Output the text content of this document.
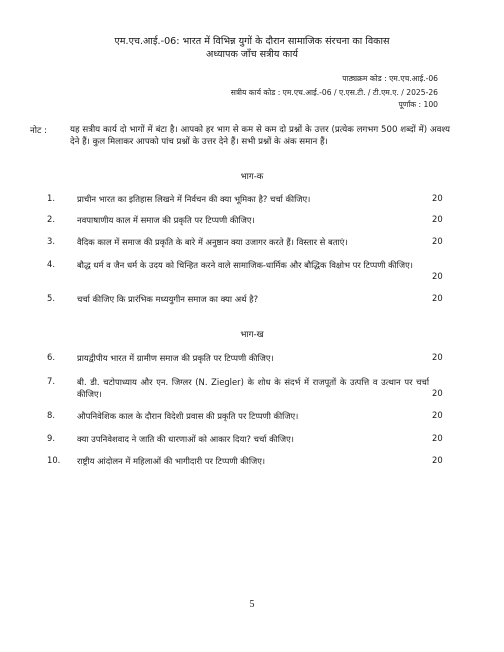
एम.एच.आई.-06: भारत में विभिन्न युगों के दौरान सामाजिक संरचना का विकास
अध्यापक जाँच सत्रीय कार्य
पाठ्यक्रम कोड : एम.एच.आई.-06
सत्रीय कार्य कोड : एम.एच.आई.-06 / ए.एस.टी. / टी.एम.ए. / 2025-26
पूर्णांक : 100
नोट :	यह सत्रीय कार्य दो भागों में बंटा है। आपको हर भाग से कम से कम दो प्रश्नों के उत्तर (प्रत्येक लगभग 500 शब्दों में) अवश्य देने हैं। कुल मिलाकर आपको पांच प्रश्नों के उत्तर देने हैं। सभी प्रश्नों के अंक समान हैं।
भाग-क
1.	प्राचीन भारत का इतिहास लिखने में निर्वचन की क्या भूमिका है? चर्चा कीजिए।	20
2.	नवपाषाणीय काल में समाज की प्रकृति पर टिप्पणी कीजिए।	20
3.	वैदिक काल में समाज की प्रकृति के बारे में अनुष्ठान क्या उजागर करते हैं। विस्तार से बताएं।	20
4.	बौद्ध धर्म व जैन धर्म के उदय को चिन्हित करने वाले सामाजिक-धार्मिक और बौद्धिक विक्षोभ पर टिप्पणी कीजिए।
20
5.	चर्चा कीजिए कि प्रारंभिक मध्ययुगीन समाज का क्या अर्थ है?	20
भाग-ख
6.	प्रायद्वीपीय भारत में ग्रामीण समाज की प्रकृति पर टिप्पणी कीजिए।	20
7.	बी. डी. चटोपाध्याय और एन. जिग्लर (N. Ziegler) के शोध के संदर्भ में राजपूतों के उत्पत्ति व उत्थान पर चर्चा कीजिए।	20
8.	औपनिवेशिक काल के दौरान विदेशी प्रवास की प्रकृति पर टिप्पणी कीजिए।	20
9.	क्या उपनिवेशवाद ने जाति की धारणाओं को आकार दिया? चर्चा कीजिए।	20
10. राष्ट्रीय आंदोलन में महिलाओं की भागीदारी पर टिप्पणी कीजिए।	20
5
